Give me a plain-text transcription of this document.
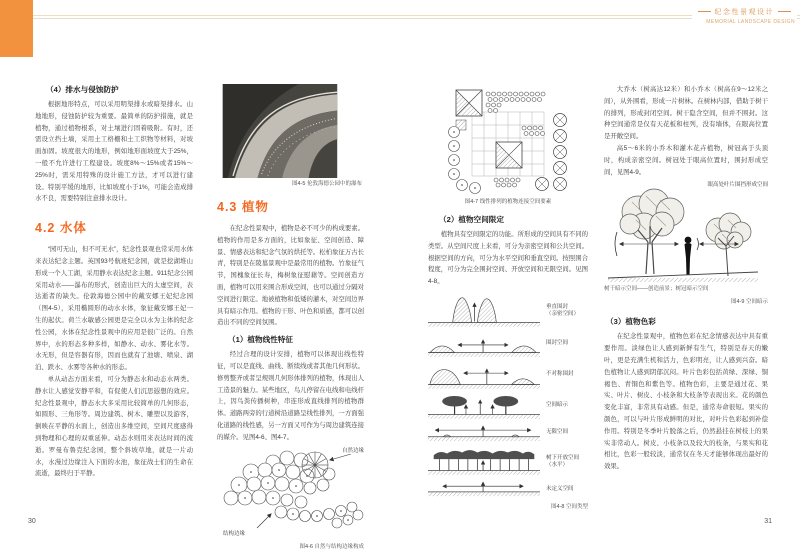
纪念性景观设计
MEMORIAL LANDSCAPE DESIGN
（4）排水与侵蚀防护

根据地形特点，可以采用明渠排水或暗渠排水。山地地形，侵蚀防护较为重要。最简单的防护措施，就是植物，通过植物根系，对土壤进行固着吸附。有时，还需设立挡土墙，采用土工格栅和土工织物等材料，对坡面加固。坡度很大的地形，例如地形面坡度大于25%，一般不允许进行工程建设。坡度8%～15%或者15%～25%时，需采用特殊的设计施工方法，才可以进行建设。特别平缓的地形，比如坡度小于1%，可能会造成排水不良，需要特别注意排水设计。

4.2 水体

“园可无山，但不可无水”，纪念性景观也常采用水体来表达纪念主题。英国93号航班纪念园，就是挖湖堆山形成一个人工湖，采用静水表达纪念主题。911纪念公园采用动水——瀑布的形式，创造出巨大的太虚空间，表达逝者的缺失。伦敦海德公园中的戴安娜王妃纪念园（图4-5），采用椭圆形的动水水体，象征戴安娜王妃一生的起伏。荷兰水敏感公园更是完全以水为主体的纪念性公园，水体在纪念性景观中的应用是很广泛的。自然界中，水的形态多种多样，如静水、动水、雾化水等。水无形，但是容器有形，因而也就有了池塘、喷泉、湖泊、跌水、水雾等各种水的形态。

单从动态方面来看，可分为静态水和动态水两类。静水让人感觉安静平和，有促使人们沉思遐想的效应。纪念性景观中，静态水大多采用比较简单的几何形态，如圆形、三角形等。周边建筑、树木、雕塑以及游客，倒映在平静的水面上，创造出多维空间，空间尺度感得到物理和心理的双重延伸。动态水则用来表达时间的流逝。罗曼布鲁克纪念园，整个斜坡草地，就是一片动水，水漫过边缘注入下面的水池，象征战士们的生命在流逝，最终归于平静。

图4-5 伦敦海德公园中的瀑布
4.3 植物

在纪念性景观中，植物是必不可少的构成要素。植物的作用是多方面的，比如象征、空间创造、障景、情感表达和纪念气氛的烘托等。松柏象征万古长青，特别是在陵墓景观中是最常用的植物。竹象征气节，国槐象征长寿，梅树象征慰藉等。空间创造方面，植物可以用来围合形成空间，也可以通过分隔对空间进行限定。地被植物和低矮的灌木，对空间边界具有暗示作用。植物的干形、叶色和质感，都可以创造出不同的空间氛围。

（1）植物线性特征

经过合理的设计安排，植物可以体现出线性特征，可以是直线、曲线、断续线或者其他几何形状。修剪整齐或者呈规则几何形体排列的植物，体现出人工造景的魅力。某些地区，鸟儿停留在电线和电线杆上，因鸟粪传播树种，串连形成直线排列的植物群体。道路两旁的行道树沿道路呈线性排列，一方面强化道路的线性感，另一方面又可作为与周边建筑连接的媒介。见图4-6、图4-7。

自然边缘
结构边缘
图4-6 自然与结构边缘构成
图4-7 线性排列的植物连接空间要素
（2）植物空间限定

植物具有空间限定的功能。所形成的空间具有不同的类型。从空间尺度上来看，可分为亲密空间和公共空间。根据空间的方向，可分为水平空间和垂直空间。按照围合程度，可分为完全围封空间、开放空间和无限空间。见图4-8。

垂直围封
（亲密空间）
围封空间
不对称围封
空间暗示
无限空间
树下开放空间
（水平）
未定义空间
图4-8 空间类型

大乔木（树高达12米）和小乔木（树高在9～12米之间），从外围看，形成一片树林。在树林内部，借助于树干的排列，形成封闭空间。树干隐含空间，但并不围封。这种空间通常是仅有天花板和柱列，没有墙体，在眼高位置是开敞空间。

高5～6米的小乔木和灌木花卉植物，树冠高于头顶时，构成亲密空间。树冠处于眼高位置时，围封形成空间，见图4-9。

眼高处叶片围挡形成空间
树干暗示空间——创造前景；树冠暗示空间
图4-9 空间暗示
（3）植物色彩

在纪念性景观中，植物色彩在纪念情感表达中具有重要作用。淡绿色让人感到新鲜有生气，特别是春天的嫩叶，更是充满生机和活力，色彩明亮，让人感到兴奋。暗色植物让人感到阴郁沉闷。叶片色彩包括黄绿、深绿、铜褐色、青铜色和紫色等。植物色彩，主要是通过花、果实、叶片、树皮、小枝条和大枝条等表现出来。花的颜色变化丰富，非常具有动感。但是，通常寿命很短。果实的颜色，可以与叶片形成鲜明的对比，对叶片色彩起到补偿作用。特别是冬季叶片脱落之后，仍然悬挂在树枝上的果实非常动人。树皮、小枝条以及较大的枝条，与果实和花相比，色彩一般较淡，通常仅在冬天才能够体现出最好的效果。

30	31
